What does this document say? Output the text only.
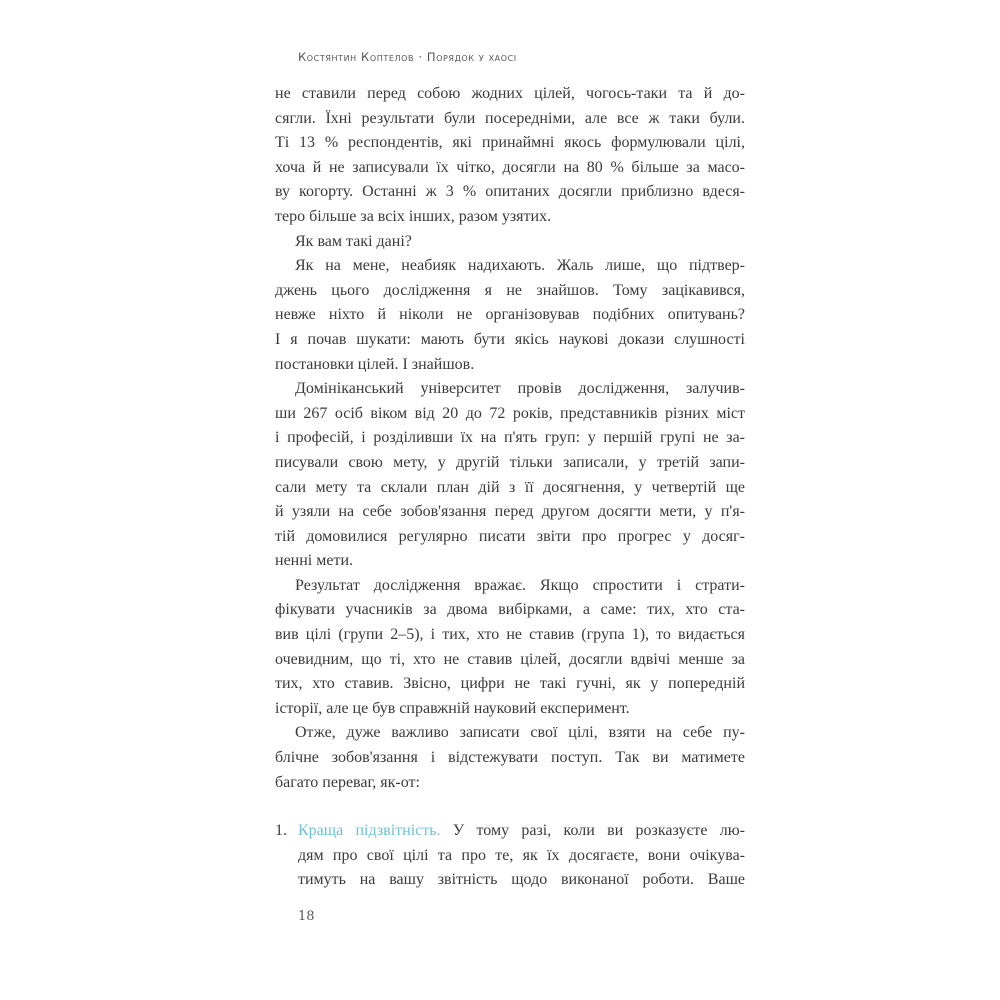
Костянтин Коптелов · Порядок у хаосі
не ставили перед собою жодних цілей, чогось-таки та й до-
сягли. Їхні результати були посередніми, але все ж таки були.
Ті 13 % респондентів, які принаймні якось формулювали цілі,
хоча й не записували їх чітко, досягли на 80 % більше за масо-
ву когорту. Останні ж 3 % опитаних досягли приблизно вдеся-
теро більше за всіх інших, разом узятих.
Як вам такі дані?
Як на мене, неабияк надихають. Жаль лише, що підтвер-
джень цього дослідження я не знайшов. Тому зацікавився,
невже ніхто й ніколи не організовував подібних опитувань?
І я почав шукати: мають бути якісь наукові докази слушності
постановки цілей. І знайшов.
Домініканський університет провів дослідження, залучив-
ши 267 осіб віком від 20 до 72 років, представників різних міст
і професій, і розділивши їх на п'ять груп: у першій групі не за-
писували свою мету, у другій тільки записали, у третій запи-
сали мету та склали план дій з її досягнення, у четвертій ще
й узяли на себе зобов'язання перед другом досягти мети, у п'я-
тій домовилися регулярно писати звіти про прогрес у досяг-
ненні мети.
Результат дослідження вражає. Якщо спростити і страти-
фікувати учасників за двома вибірками, а саме: тих, хто ста-
вив цілі (групи 2–5), і тих, хто не ставив (група 1), то видається
очевидним, що ті, хто не ставив цілей, досягли вдвічі менше за
тих, хто ставив. Звісно, цифри не такі гучні, як у попередній
історії, але це був справжній науковий експеримент.
Отже, дуже важливо записати свої цілі, взяти на себе пу-
блічне зобов'язання і відстежувати поступ. Так ви матимете
багато переваг, як-от:
1. Краща підзвітність. У тому разі, коли ви розказуєте лю-
дям про свої цілі та про те, як їх досягаєте, вони очікува-
тимуть на вашу звітність щодо виконаної роботи. Ваше
18
